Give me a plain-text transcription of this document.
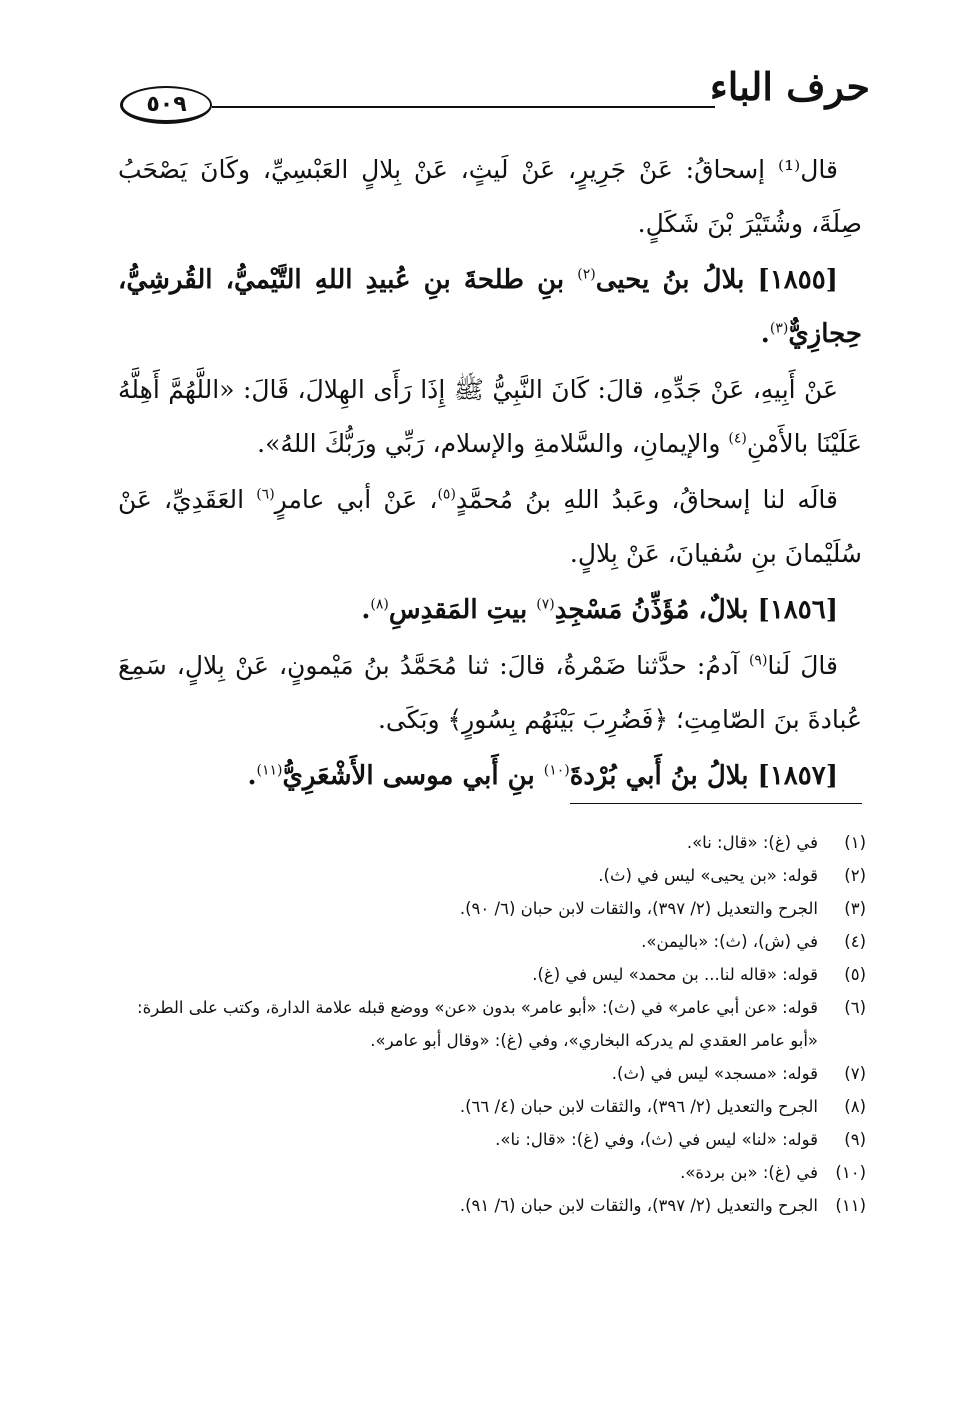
حرف الباء
٥٠٩

قال⁽¹⁾ إسحاقُ: عَنْ جَرِيرٍ، عَنْ لَيثٍ، عَنْ بِلالٍ العَبْسِيِّ، وكَانَ يَصْحَبُ صِلَةَ، وشُتَيْرَ بْنَ شَكَلٍ.

[١٨٥٥] بلالُ بنُ يحيى$^{(٢)}$ بنِ طلحةَ بنِ عُبيدِ اللهِ التَّيْميُّ، القُرشِيُّ، حِجازِيٌّ$^{(٣)}$.

عَنْ أَبِيهِ، عَنْ جَدِّهِ، قالَ: كَانَ النَّبِيُّ ﷺ إِذَا رَأَى الهِلالَ، قَالَ: «اللَّهُمَّ أَهِلَّهُ عَلَيْنَا بالأَمْنِ$^{(٤)}$ والإيمانِ، والسَّلامةِ والإسلام، رَبِّي ورَبُّكَ اللهُ».

قالَه لنا إسحاقُ، وعَبدُ اللهِ بنُ مُحمَّدٍ$^{(٥)}$، عَنْ أبي عامرٍ$^{(٦)}$ العَقَدِيِّ، عَنْ سُلَيْمانَ بنِ سُفيانَ، عَنْ بِلالٍ.

[١٨٥٦] بلالٌ، مُؤَذِّنُ مَسْجِدِ$^{(٧)}$ بيتِ المَقدِسِ$^{(٨)}$.

قالَ لَنا$^{(٩)}$ آدمُ: حدَّثنا ضَمْرةُ، قالَ: ثنا مُحَمَّدُ بنُ مَيْمونٍ، عَنْ بِلالٍ، سَمِعَ عُبادةَ بنَ الصّامِتِ؛ ﴿فَضُرِبَ بَيْنَهُم بِسُورٍ﴾ وبَكَى.

[١٨٥٧] بلالُ بنُ أَبي بُرْدةَ$^{(١٠)}$ بنِ أَبي موسى الأَشْعَرِيُّ$^{(١١)}$.

(١)
في (غ): «قال: نا».
(٢)
قوله: «بن يحيى» ليس في (ث).
(٣)
الجرح والتعديل (٢/ ٣٩٧)، والثقات لابن حبان (٦/ ٩٠).
(٤)
في (ش)، (ث): «باليمن».
(٥)
قوله: «قاله لنا... بن محمد» ليس في (غ).
(٦)
قوله: «عن أبي عامر» في (ث): «أبو عامر» بدون «عن» ووضع قبله علامة الدارة، وكتب على الطرة: «أبو عامر العقدي لم يدركه البخاري»، وفي (غ): «وقال أبو عامر».
(٧)
قوله: «مسجد» ليس في (ث).
(٨)
الجرح والتعديل (٢/ ٣٩٦)، والثقات لابن حبان (٤/ ٦٦).
(٩)
قوله: «لنا» ليس في (ث)، وفي (غ): «قال: نا».
(١٠)
في (غ): «بن بردة».
(١١)
الجرح والتعديل (٢/ ٣٩٧)، والثقات لابن حبان (٦/ ٩١).
